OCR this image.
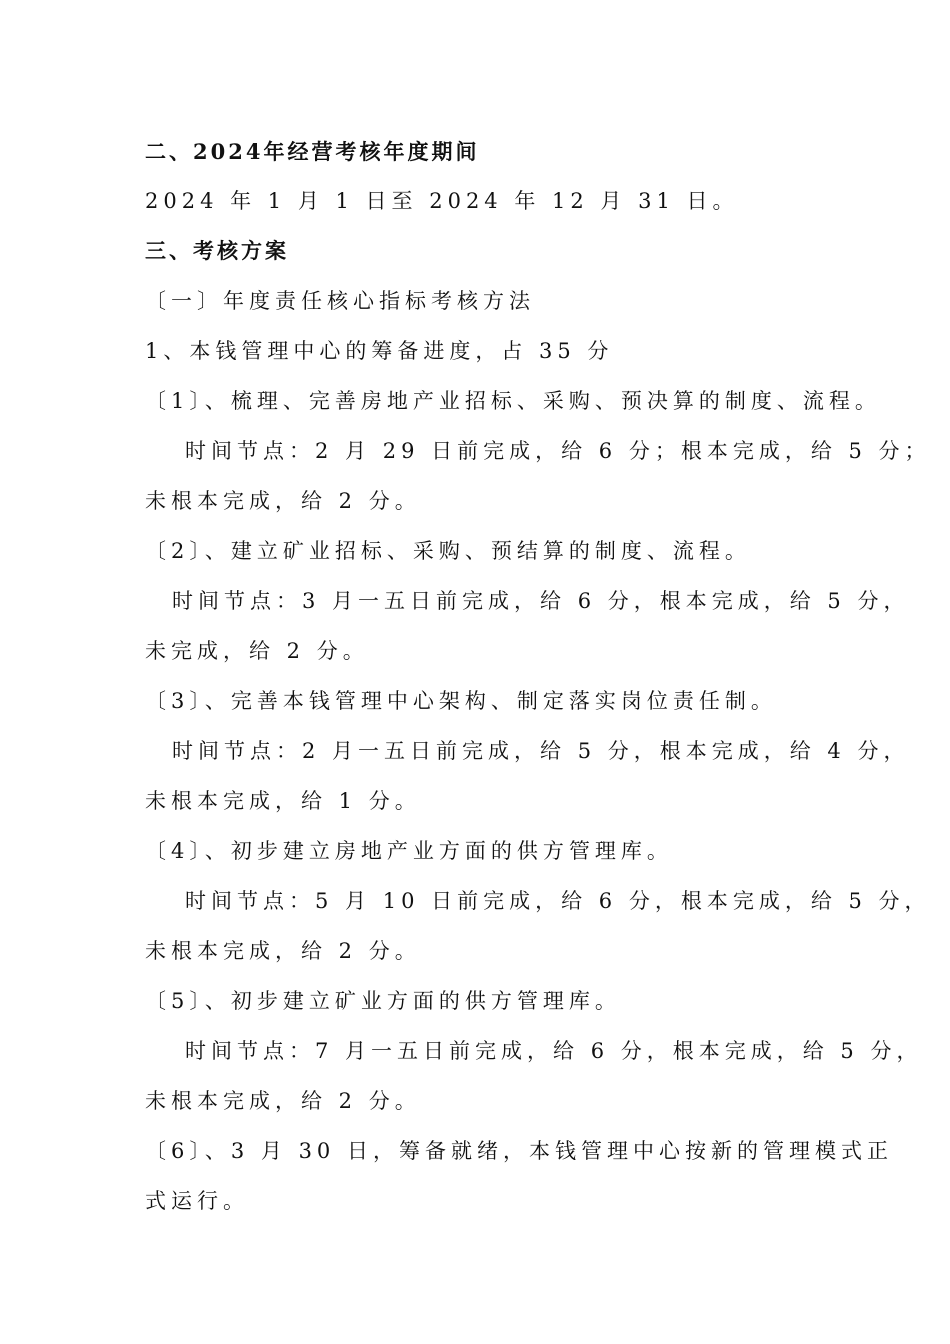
二、2024年经营考核年度期间
2024 年 1 月 1 日至 2024 年 12 月 31 日。
三、考核方案
〔一〕年度责任核心指标考核方法
1、本钱管理中心的筹备进度，占 35 分
〔1〕、梳理、完善房地产业招标、采购、预决算的制度、流程。
时间节点：2 月 29 日前完成，给 6 分；根本完成，给 5 分；
未根本完成，给 2 分。
〔2〕、建立矿业招标、采购、预结算的制度、流程。
时间节点：3 月一五日前完成，给 6 分，根本完成，给 5 分，
未完成，给 2 分。
〔3〕、完善本钱管理中心架构、制定落实岗位责任制。
时间节点：2 月一五日前完成，给 5 分，根本完成，给 4 分，
未根本完成，给 1 分。
〔4〕、初步建立房地产业方面的供方管理库。
时间节点：5 月 10 日前完成，给 6 分，根本完成，给 5 分，
未根本完成，给 2 分。
〔5〕、初步建立矿业方面的供方管理库。
时间节点：7 月一五日前完成，给 6 分，根本完成，给 5 分，
未根本完成，给 2 分。
〔6〕、3 月 30 日，筹备就绪，本钱管理中心按新的管理模式正
式运行。
